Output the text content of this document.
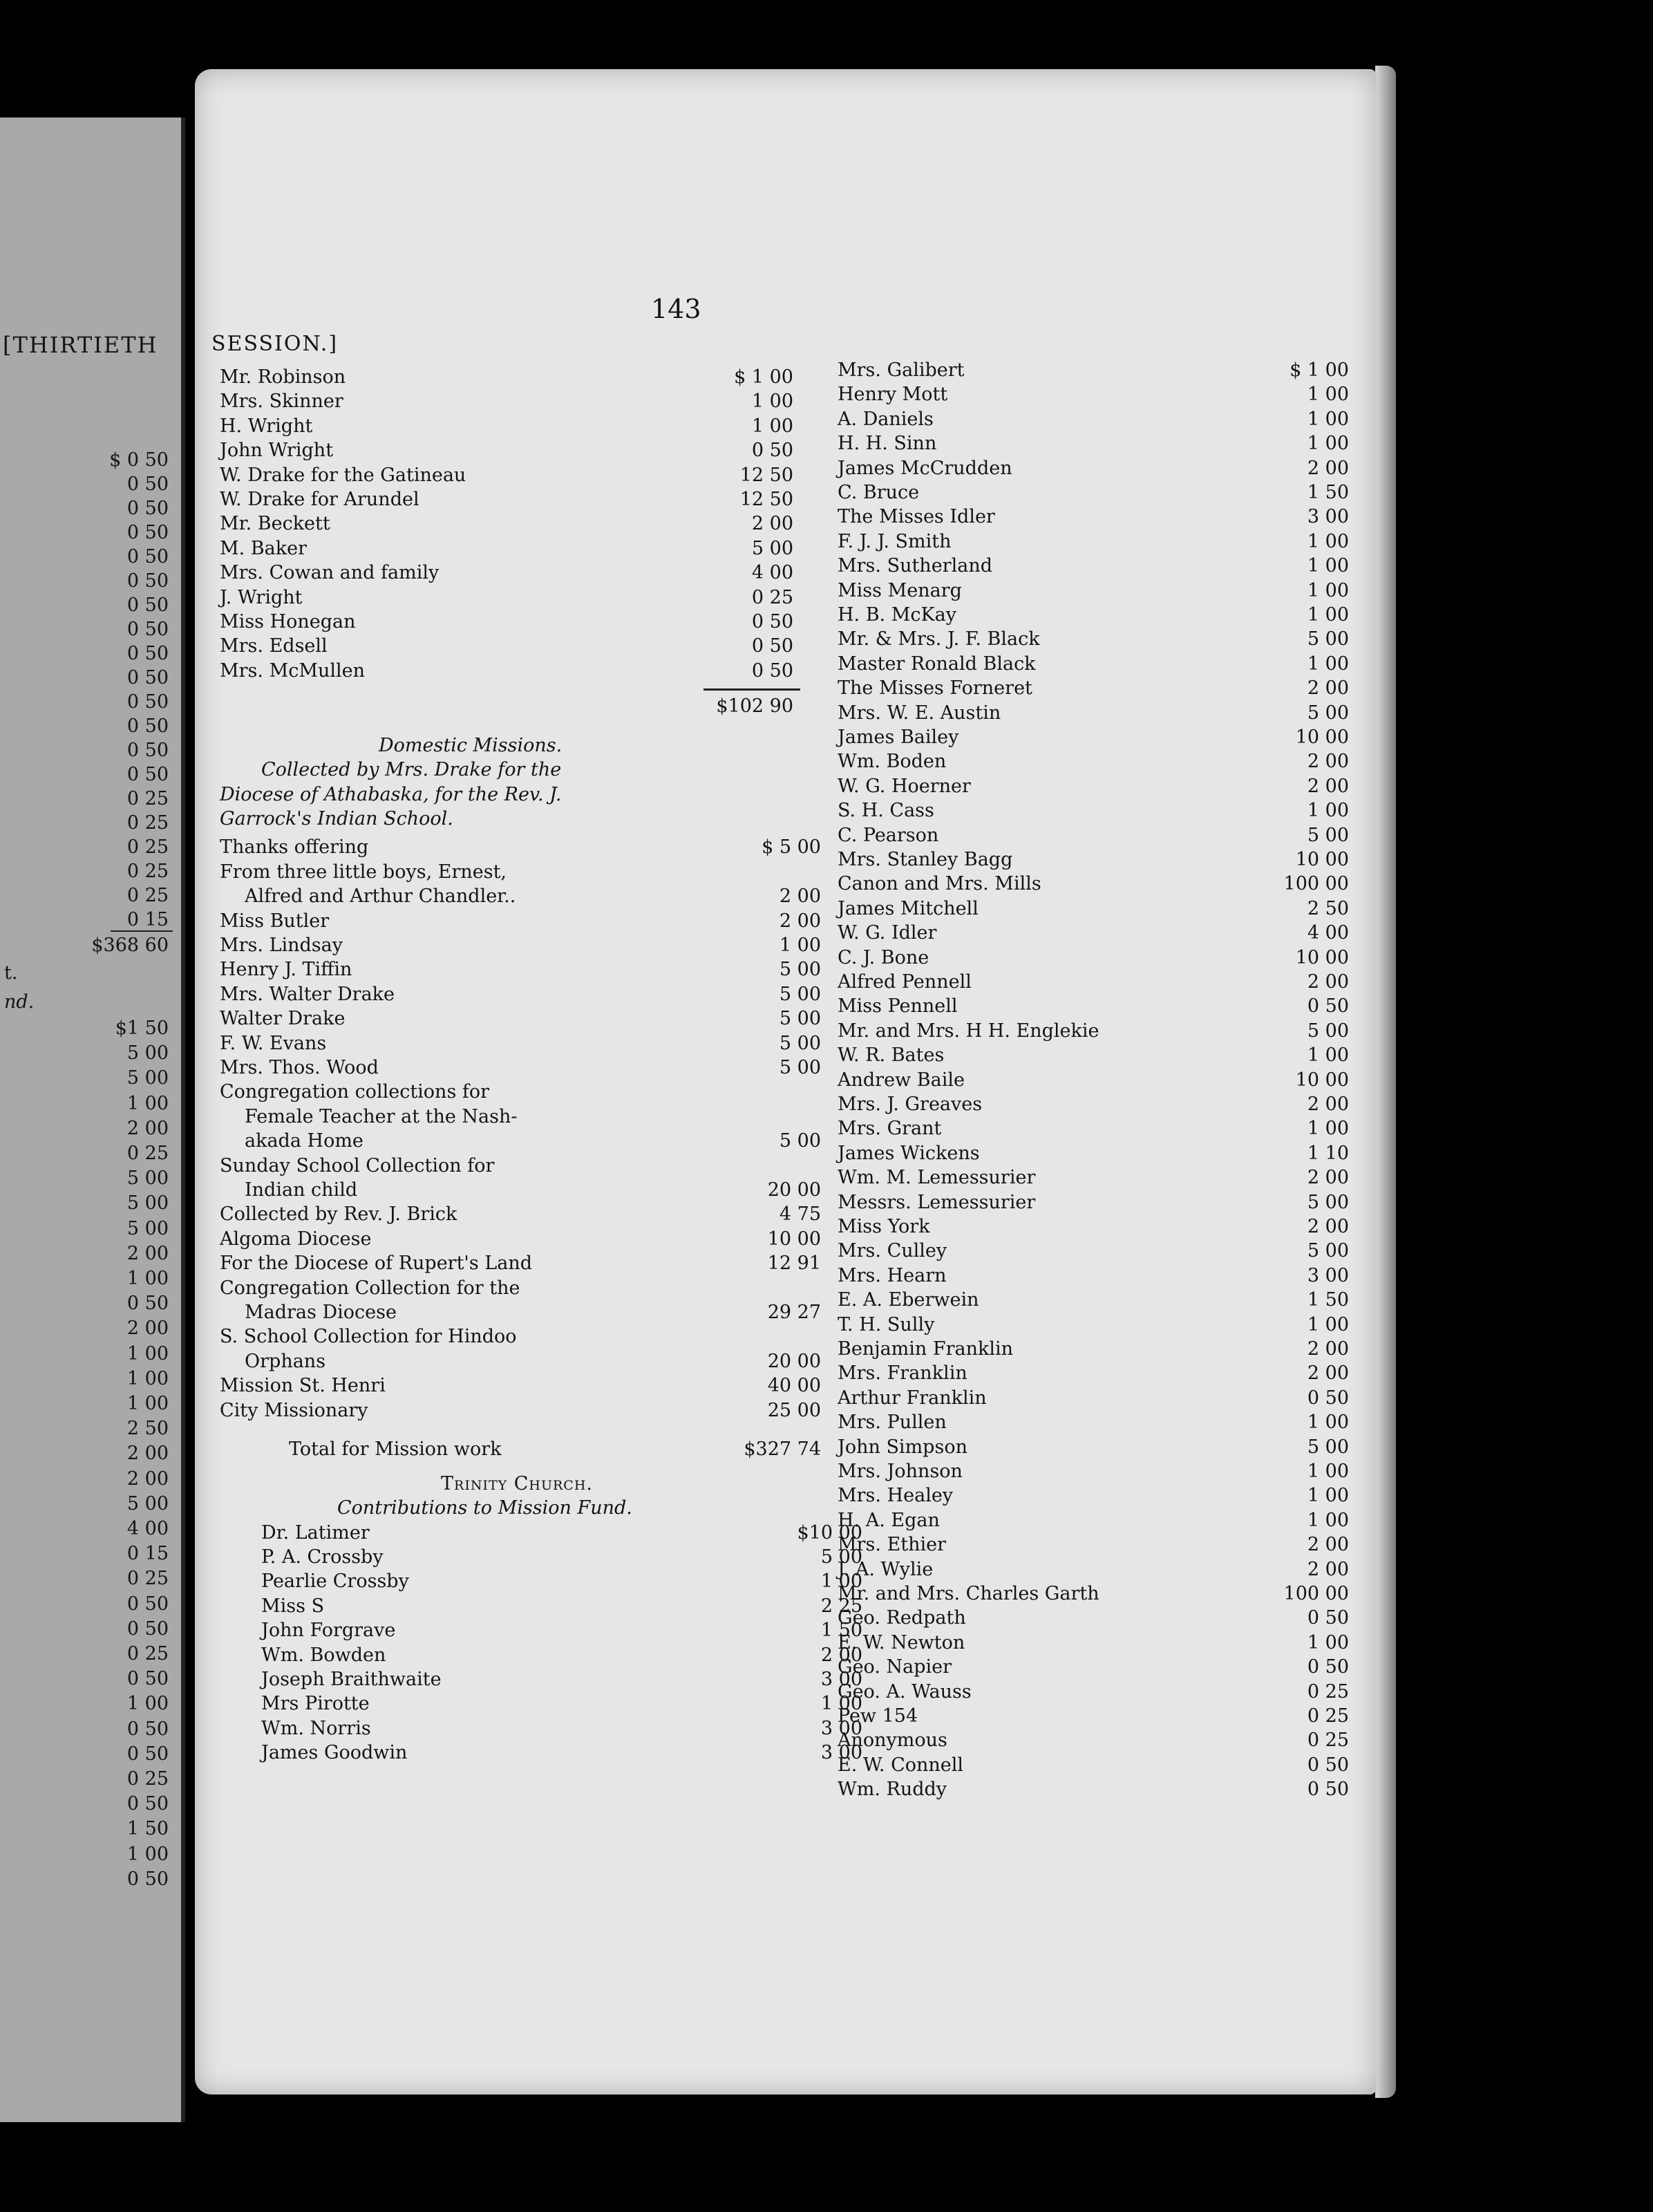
[THIRTIETH
$ 0 50
0 50
0 50
0 50
0 50
0 50
0 50
0 50
0 50
0 50
0 50
0 50
0 50
0 50
0 25
0 25
0 25
0 25
0 25
0 15
$368 60
t.
nd.
$1 50
5 00
5 00
1 00
2 00
0 25
5 00
5 00
5 00
2 00
1 00
0 50
2 00
1 00
1 00
1 00
2 50
2 00
2 00
5 00
4 00
0 15
0 25
0 50
0 50
0 25
0 50
1 00
0 50
0 50
0 25
0 50
1 50
1 00
0 50
143
SESSION.]
Mr. Robinson	$ 1 00
Mrs. Skinner	1 00
H. Wright	1 00
John Wright	0 50
W. Drake for the Gatineau	12 50
W. Drake for Arundel	12 50
Mr. Beckett	2 00
M. Baker	5 00
Mrs. Cowan and family	4 00
J. Wright	0 25
Miss Honegan	0 50
Mrs. Edsell	0 50
Mrs. McMullen	0 50
$102 90
Domestic Missions.
Collected by Mrs. Drake for the
Diocese of Athabaska, for the Rev. J.
Garrock's Indian School.
Thanks offering	$ 5 00
From three little boys, Ernest,
Alfred and Arthur Chandler..	2 00
Miss Butler	2 00
Mrs. Lindsay	1 00
Henry J. Tiffin	5 00
Mrs. Walter Drake	5 00
Walter Drake	5 00
F. W. Evans	5 00
Mrs. Thos. Wood	5 00
Congregation collections for
Female Teacher at the Nash-
akada Home	5 00
Sunday School Collection for
Indian child	20 00
Collected by Rev. J. Brick	4 75
Algoma Diocese	10 00
For the Diocese of Rupert's Land	12 91
Congregation Collection for the
Madras Diocese	29 27
S. School Collection for Hindoo
Orphans	20 00
Mission St. Henri	40 00
City Missionary	25 00
Total for Mission work	$327 74
Trinity Church.
Contributions to Mission Fund.
Dr. Latimer	$10 00
P. A. Crossby	5 00
Pearlie Crossby	1 00
Miss S	2 25
John Forgrave	1 50
Wm. Bowden	2 00
Joseph Braithwaite	3 00
Mrs Pirotte	1 00
Wm. Norris	3 00
James Goodwin	3 00
Mrs. Galibert	$ 1 00
Henry Mott	1 00
A. Daniels	1 00
H. H. Sinn	1 00
James McCrudden	2 00
C. Bruce	1 50
The Misses Idler	3 00
F. J. J. Smith	1 00
Mrs. Sutherland	1 00
Miss Menarg	1 00
H. B. McKay	1 00
Mr. & Mrs. J. F. Black	5 00
Master Ronald Black	1 00
The Misses Forneret	2 00
Mrs. W. E. Austin	5 00
James Bailey	10 00
Wm. Boden	2 00
W. G. Hoerner	2 00
S. H. Cass	1 00
C. Pearson	5 00
Mrs. Stanley Bagg	10 00
Canon and Mrs. Mills	100 00
James Mitchell	2 50
W. G. Idler	4 00
C. J. Bone	10 00
Alfred Pennell	2 00
Miss Pennell	0 50
Mr. and Mrs. H H. Englekie	5 00
W. R. Bates	1 00
Andrew Baile	10 00
Mrs. J. Greaves	2 00
Mrs. Grant	1 00
James Wickens	1 10
Wm. M. Lemessurier	2 00
Messrs. Lemessurier	5 00
Miss York	2 00
Mrs. Culley	5 00
Mrs. Hearn	3 00
E. A. Eberwein	1 50
T. H. Sully	1 00
Benjamin Franklin	2 00
Mrs. Franklin	2 00
Arthur Franklin	0 50
Mrs. Pullen	1 00
John Simpson	5 00
Mrs. Johnson	1 00
Mrs. Healey	1 00
H. A. Egan	1 00
Mrs. Ethier	2 00
J. A. Wylie	2 00
Mr. and Mrs. Charles Garth	100 00
Geo. Redpath	0 50
E. W. Newton	1 00
Geo. Napier	0 50
Geo. A. Wauss	0 25
Pew 154	0 25
Anonymous	0 25
E. W. Connell	0 50
Wm. Ruddy	0 50
